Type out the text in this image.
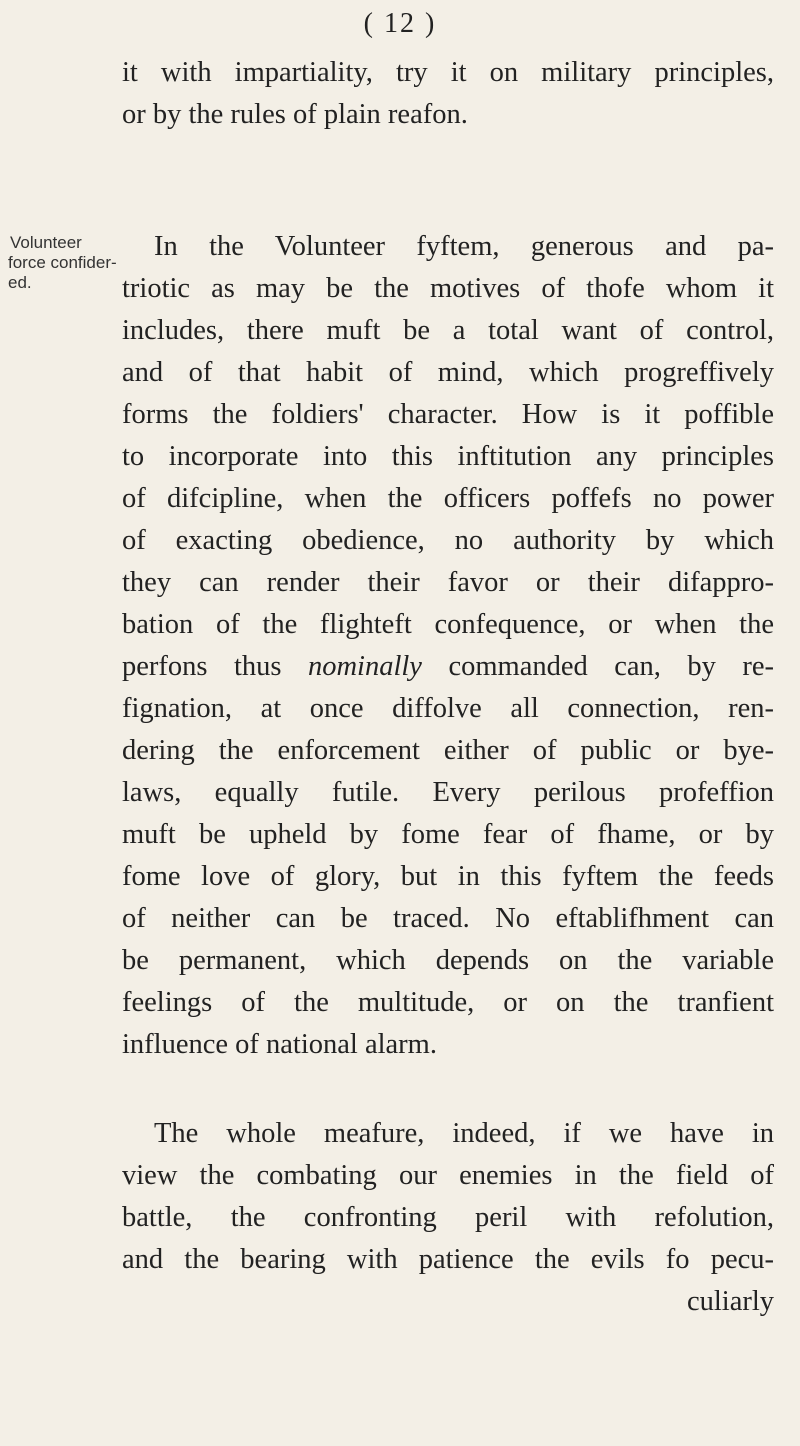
( 12 )
Volunteer
force confider-
ed.
it with impartiality, try it on military principles,
or by the rules of plain reafon.
In the Volunteer fyftem, generous and pa-
triotic as may be the motives of thofe whom it
includes, there muft be a total want of control,
and of that habit of mind, which progreffively
forms the foldiers' character. How is it poffible
to incorporate into this inftitution any principles
of difcipline, when the officers poffefs no power
of exacting obedience, no authority by which
they can render their favor or their difappro-
bation of the flighteft confequence, or when the
perfons thus nominally commanded can, by re-
fignation, at once diffolve all connection, ren-
dering the enforcement either of public or bye-
laws, equally futile. Every perilous profeffion
muft be upheld by fome fear of fhame, or by
fome love of glory, but in this fyftem the feeds
of neither can be traced. No eftablifhment can
be permanent, which depends on the variable
feelings of the multitude, or on the tranfient
influence of national alarm.
The whole meafure, indeed, if we have in
view the combating our enemies in the field of
battle, the confronting peril with refolution,
and the bearing with patience the evils fo pecu-
culiarly
